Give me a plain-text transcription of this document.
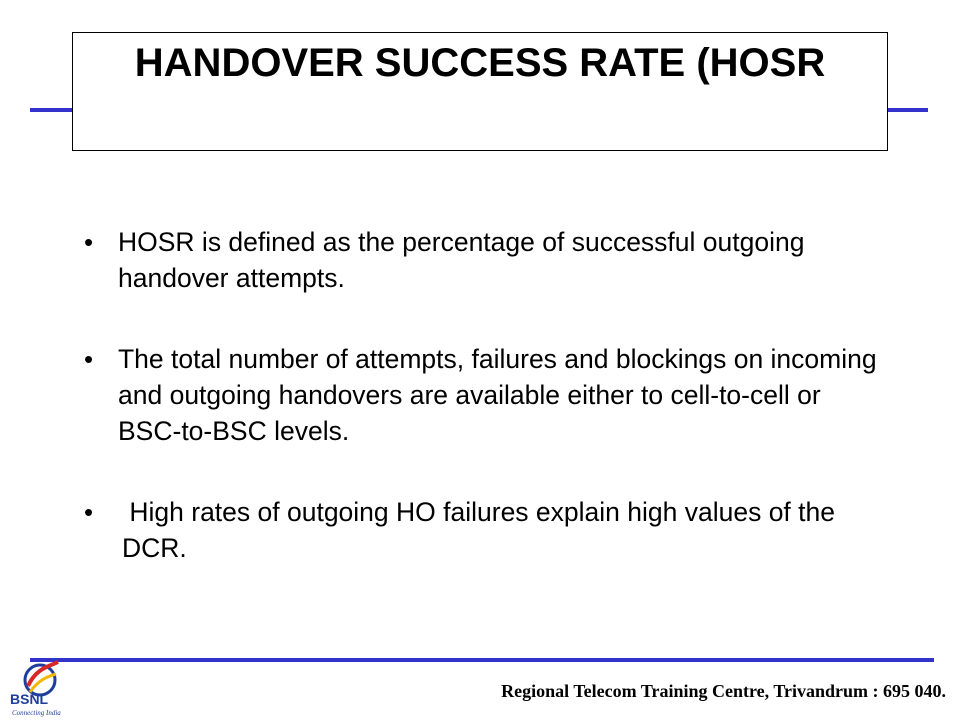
HANDOVER SUCCESS RATE (HOSR
• HOSR is defined as the percentage of successful outgoing handover attempts.
• The total number of attempts, failures and blockings on incoming and outgoing handovers are available either to cell-to-cell or BSC-to-BSC levels.
• High rates of outgoing HO failures explain high values of the DCR.
BSNL
Connecting India
Regional Telecom Training Centre, Trivandrum : 695 040.
